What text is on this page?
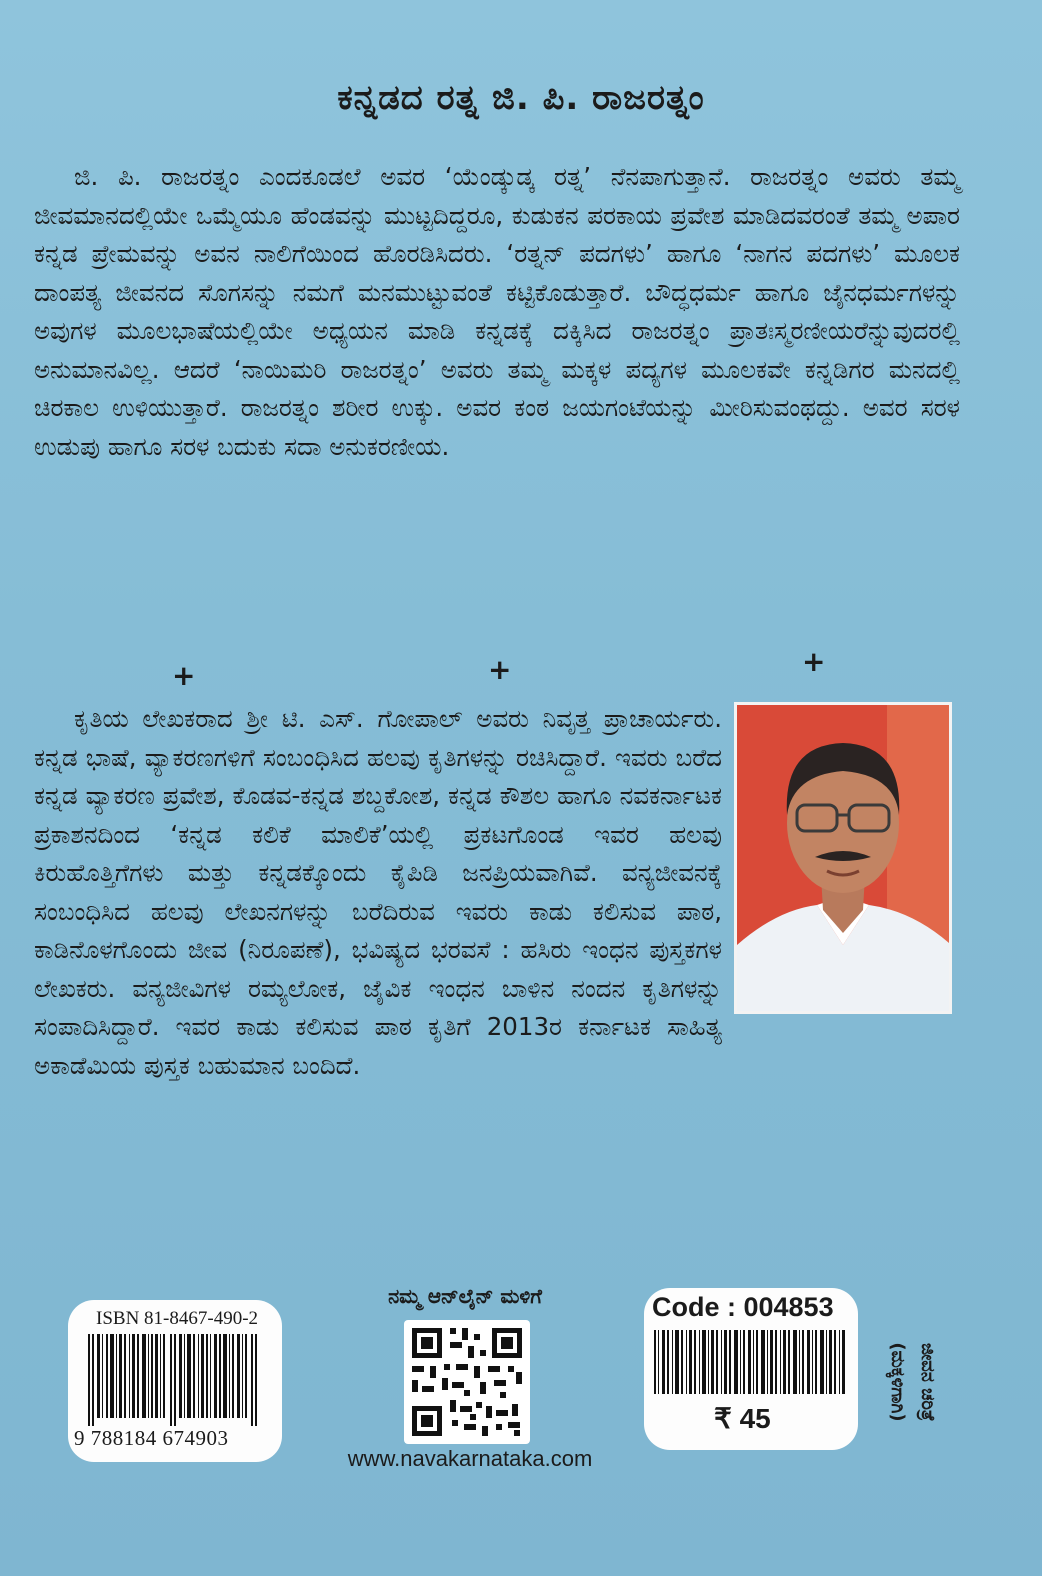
ಕನ್ನಡದ ರತ್ನ ಜಿ. ಪಿ. ರಾಜರತ್ನಂ
ಜಿ. ಪಿ. ರಾಜರತ್ನಂ ಎಂದಕೂಡಲೆ ಅವರ ‘ಯೆಂಡ್ಕುಡ್ಕ ರತ್ನ’ ನೆನಪಾಗುತ್ತಾನೆ. ರಾಜರತ್ನಂ ಅವರು ತಮ್ಮ ಜೀವಮಾನದಲ್ಲಿಯೇ ಒಮ್ಮೆಯೂ ಹೆಂಡವನ್ನು ಮುಟ್ಟದಿದ್ದರೂ, ಕುಡುಕನ ಪರಕಾಯ ಪ್ರವೇಶ ಮಾಡಿದವರಂತೆ ತಮ್ಮ ಅಪಾರ ಕನ್ನಡ ಪ್ರೇಮವನ್ನು ಅವನ ನಾಲಿಗೆಯಿಂದ ಹೊರಡಿಸಿದರು. ‘ರತ್ನನ್ ಪದಗಳು’ ಹಾಗೂ ‘ನಾಗನ ಪದಗಳು’ ಮೂಲಕ ದಾಂಪತ್ಯ ಜೀವನದ ಸೊಗಸನ್ನು ನಮಗೆ ಮನಮುಟ್ಟುವಂತೆ ಕಟ್ಟಿಕೊಡುತ್ತಾರೆ. ಬೌದ್ಧಧರ್ಮ ಹಾಗೂ ಜೈನಧರ್ಮಗಳನ್ನು ಅವುಗಳ ಮೂಲಭಾಷೆಯಲ್ಲಿಯೇ ಅಧ್ಯಯನ ಮಾಡಿ ಕನ್ನಡಕ್ಕೆ ದಕ್ಕಿಸಿದ ರಾಜರತ್ನಂ ಪ್ರಾತಃಸ್ಮರಣೀಯರೆನ್ನುವುದರಲ್ಲಿ ಅನುಮಾನವಿಲ್ಲ. ಆದರೆ ‘ನಾಯಿಮರಿ ರಾಜರತ್ನಂ’ ಅವರು ತಮ್ಮ ಮಕ್ಕಳ ಪದ್ಯಗಳ ಮೂಲಕವೇ ಕನ್ನಡಿಗರ ಮನದಲ್ಲಿ ಚಿರಕಾಲ ಉಳಿಯುತ್ತಾರೆ. ರಾಜರತ್ನಂ ಶರೀರ ಉಕ್ಕು. ಅವರ ಕಂಠ ಜಯಗಂಟೆಯನ್ನು ಮೀರಿಸುವಂಥದ್ದು. ಅವರ ಸರಳ ಉಡುಪು ಹಾಗೂ ಸರಳ ಬದುಕು ಸದಾ ಅನುಕರಣೀಯ.
+	+	+
ಕೃತಿಯ ಲೇಖಕರಾದ ಶ್ರೀ ಟಿ. ಎಸ್. ಗೋಪಾಲ್ ಅವರು ನಿವೃತ್ತ ಪ್ರಾಚಾರ್ಯರು. ಕನ್ನಡ ಭಾಷೆ, ವ್ಯಾಕರಣಗಳಿಗೆ ಸಂಬಂಧಿಸಿದ ಹಲವು ಕೃತಿಗಳನ್ನು ರಚಿಸಿದ್ದಾರೆ. ಇವರು ಬರೆದ ಕನ್ನಡ ವ್ಯಾಕರಣ ಪ್ರವೇಶ, ಕೊಡವ-ಕನ್ನಡ ಶಬ್ದಕೋಶ, ಕನ್ನಡ ಕೌಶಲ ಹಾಗೂ ನವಕರ್ನಾಟಕ ಪ್ರಕಾಶನದಿಂದ ‘ಕನ್ನಡ ಕಲಿಕೆ ಮಾಲಿಕೆ’ಯಲ್ಲಿ ಪ್ರಕಟಗೊಂಡ ಇವರ ಹಲವು ಕಿರುಹೊತ್ತಿಗೆಗಳು ಮತ್ತು ಕನ್ನಡಕ್ಕೊಂದು ಕೈಪಿಡಿ ಜನಪ್ರಿಯವಾಗಿವೆ. ವನ್ಯಜೀವನಕ್ಕೆ ಸಂಬಂಧಿಸಿದ ಹಲವು ಲೇಖನಗಳನ್ನು ಬರೆದಿರುವ ಇವರು ಕಾಡು ಕಲಿಸುವ ಪಾಠ, ಕಾಡಿನೊಳಗೊಂದು ಜೀವ (ನಿರೂಪಣೆ), ಭವಿಷ್ಯದ ಭರವಸೆ : ಹಸಿರು ಇಂಧನ ಪುಸ್ತಕಗಳ ಲೇಖಕರು. ವನ್ಯಜೀವಿಗಳ ರಮ್ಯಲೋಕ, ಜೈವಿಕ ಇಂಧನ ಬಾಳಿನ ನಂದನ ಕೃತಿಗಳನ್ನು ಸಂಪಾದಿಸಿದ್ದಾರೆ. ಇವರ ಕಾಡು ಕಲಿಸುವ ಪಾಠ ಕೃತಿಗೆ 2013ರ ಕರ್ನಾಟಕ ಸಾಹಿತ್ಯ ಅಕಾಡೆಮಿಯ ಪುಸ್ತಕ ಬಹುಮಾನ ಬಂದಿದೆ.
ISBN 81-8467-490-2
9 788184 674903
ನಮ್ಮ ಆನ್‌ಲೈನ್ ಮಳಿಗೆ
www.navakarnataka.com
Code : 004853
₹ 45	ಜೀವನ ಚರಿತ್ರೆ
(ಮಕ್ಕಳಿಗಾಗಿ)
